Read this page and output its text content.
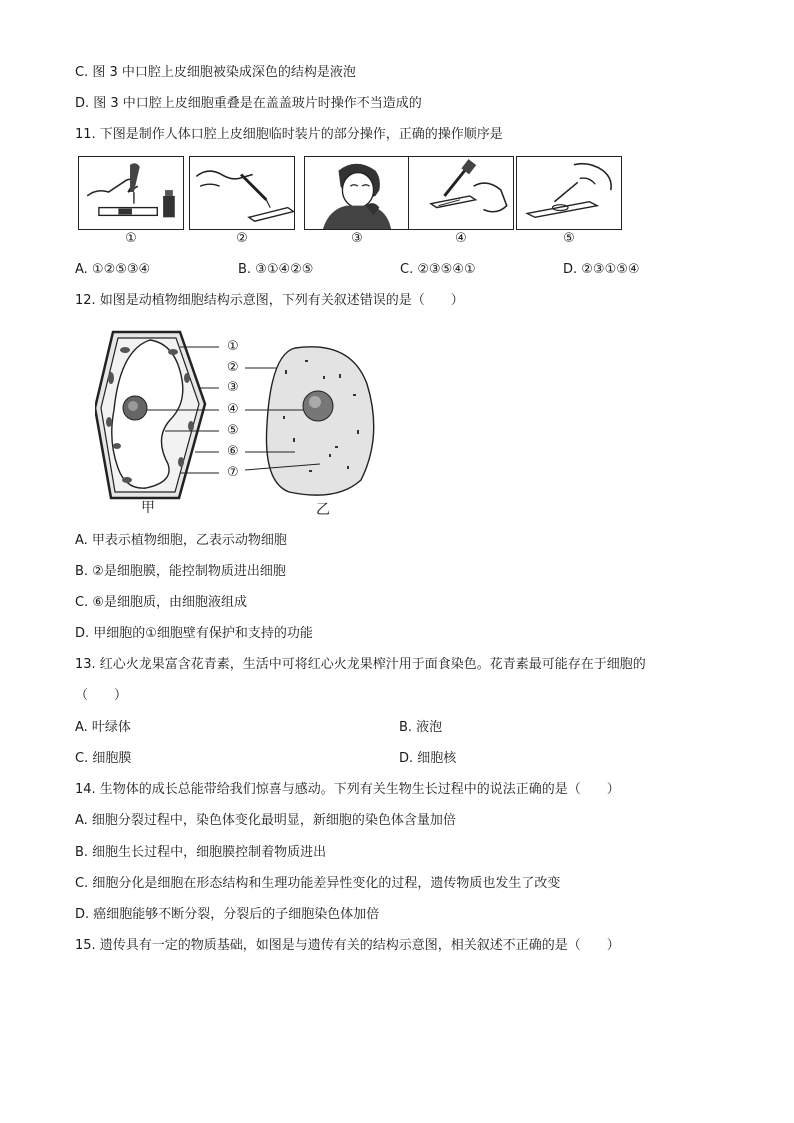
C. 图 3 中口腔上皮细胞被染成深色的结构是液泡
D. 图 3 中口腔上皮细胞重叠是在盖盖玻片时操作不当造成的
11. 下图是制作人体口腔上皮细胞临时装片的部分操作，正确的操作顺序是
①	②	③	④	⑤
A. ①②⑤③④	B. ③①④②⑤	C. ②③⑤④①	D. ②③①⑤④
12. 如图是动植物细胞结构示意图，下列有关叙述错误的是（　　）
①
②
③
④
⑤
⑥
⑦
甲	乙
A. 甲表示植物细胞，乙表示动物细胞
B. ②是细胞膜，能控制物质进出细胞
C. ⑥是细胞质，由细胞液组成
D. 甲细胞的①细胞壁有保护和支持的功能
13. 红心火龙果富含花青素，生活中可将红心火龙果榨汁用于面食染色。花青素最可能存在于细胞的
（　　）
A. 叶绿体	B. 液泡
C. 细胞膜	D. 细胞核
14. 生物体的成长总能带给我们惊喜与感动。下列有关生物生长过程中的说法正确的是（　　）
A. 细胞分裂过程中，染色体变化最明显，新细胞的染色体含量加倍
B. 细胞生长过程中，细胞膜控制着物质进出
C. 细胞分化是细胞在形态结构和生理功能差异性变化的过程，遗传物质也发生了改变
D. 癌细胞能够不断分裂，分裂后的子细胞染色体加倍
15. 遗传具有一定的物质基础，如图是与遗传有关的结构示意图，相关叙述不正确的是（　　）
